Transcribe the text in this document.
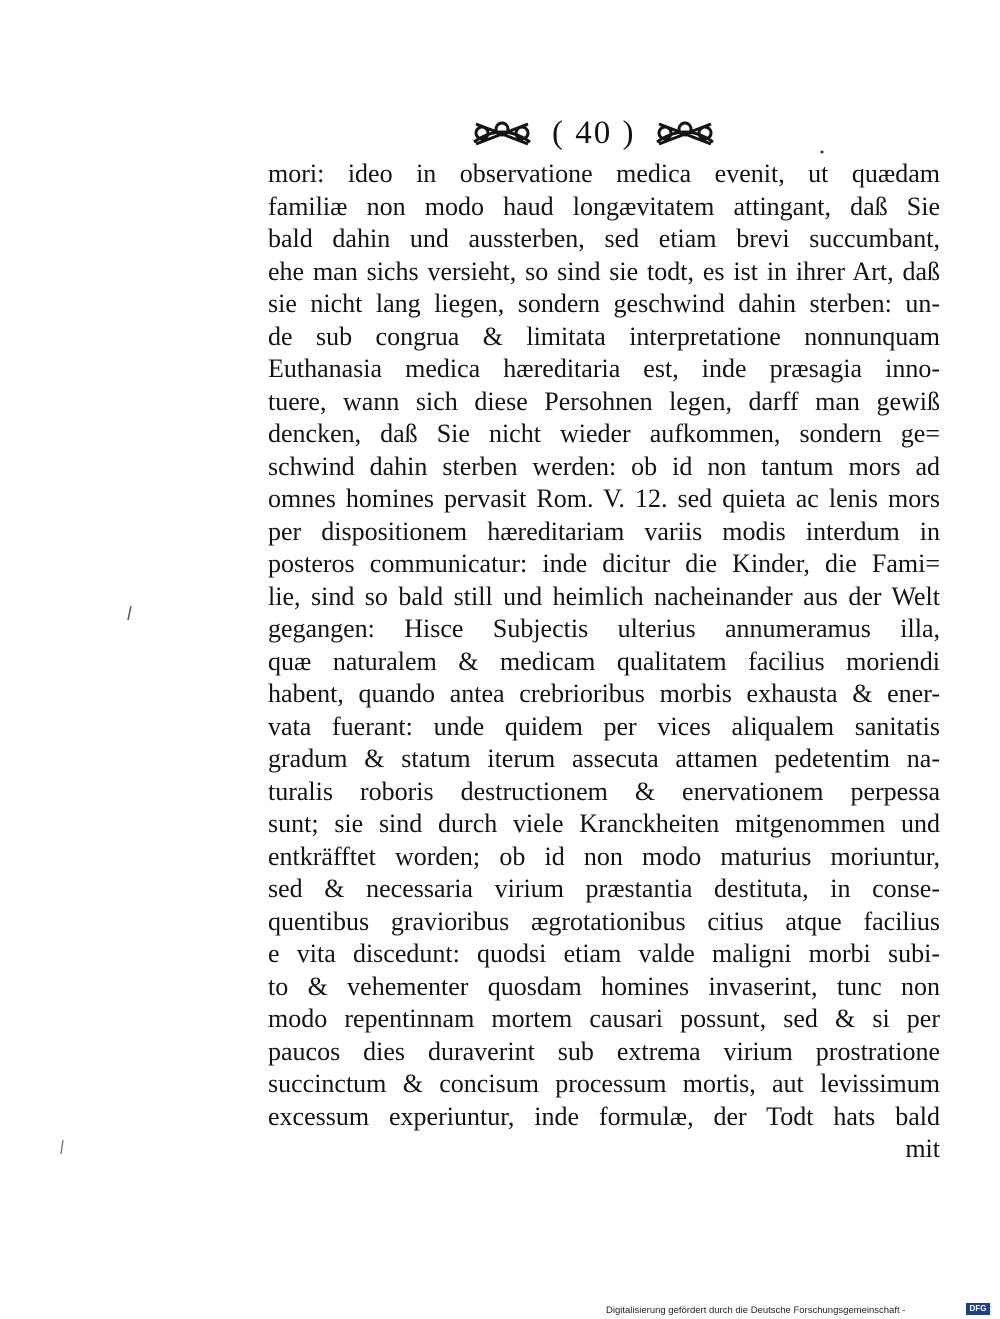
( 40 )
mori: ideo in observatione medica evenit, ut quædam
familiæ non modo haud longævitatem attingant, daß Sie
bald dahin und aussterben, sed etiam brevi succumbant,
ehe man sichs versieht, so sind sie todt, es ist in ihrer Art, daß
sie nicht lang liegen, sondern geschwind dahin sterben: un-
de sub congrua & limitata interpretatione nonnunquam
Euthanasia medica hæreditaria est, inde præsagia inno-
tuere, wann sich diese Persohnen legen, darff man gewiß
dencken, daß Sie nicht wieder aufkommen, sondern ge=
schwind dahin sterben werden: ob id non tantum mors ad
omnes homines pervasit Rom. V. 12. sed quieta ac lenis mors
per dispositionem hæreditariam variis modis interdum in
posteros communicatur: inde dicitur die Kinder, die Fami=
lie, sind so bald still und heimlich nacheinander aus der Welt
gegangen: Hisce Subjectis ulterius annumeramus illa,
quæ naturalem & medicam qualitatem facilius moriendi
habent, quando antea crebrioribus morbis exhausta & ener-
vata fuerant: unde quidem per vices aliqualem sanitatis
gradum & statum iterum assecuta attamen pedetentim na-
turalis roboris destructionem & enervationem perpessa
sunt; sie sind durch viele Kranckheiten mitgenommen und
entkräfftet worden; ob id non modo maturius moriuntur,
sed & necessaria virium præstantia destituta, in conse-
quentibus gravioribus ægrotationibus citius atque facilius
e vita discedunt: quodsi etiam valde maligni morbi subi-
to & vehementer quosdam homines invaserint, tunc non
modo repentinnam mortem causari possunt, sed & si per
paucos dies duraverint sub extrema virium prostratione
succinctum & concisum processum mortis, aut levissimum
excessum experiuntur, inde formulæ, der Todt hats bald
mit
Digitalisierung gefördert durch die Deutsche Forschungsgemeinschaft -	DFG
